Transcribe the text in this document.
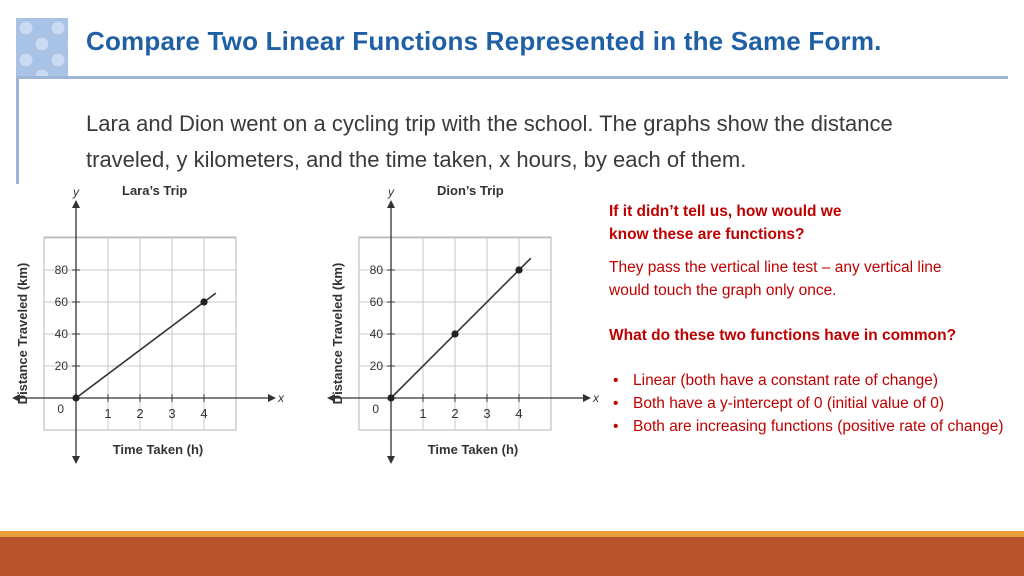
Compare Two Linear Functions Represented in the Same Form.
Lara and Dion went on a cycling trip with the school. The graphs show the distance
traveled, y kilometers, and the time taken, x hours, by each of them.
1 2 3 4
20
40
60
80
0
y
x
Lara’s Trip
Time Taken (h)
Distance Traveled (km)
1 2 3 4
20
40
60
80
0
y
x
Dion’s Trip
Time Taken (h)
Distance Traveled (km)

If it didn’t tell us, how would we know these are functions?

They pass the vertical line test – any vertical line would touch the graph only once.

What do these two functions have in common?

• Linear (both have a constant rate of change)
• Both have a y-intercept of 0 (initial value of 0)
• Both are increasing functions (positive rate of change)
